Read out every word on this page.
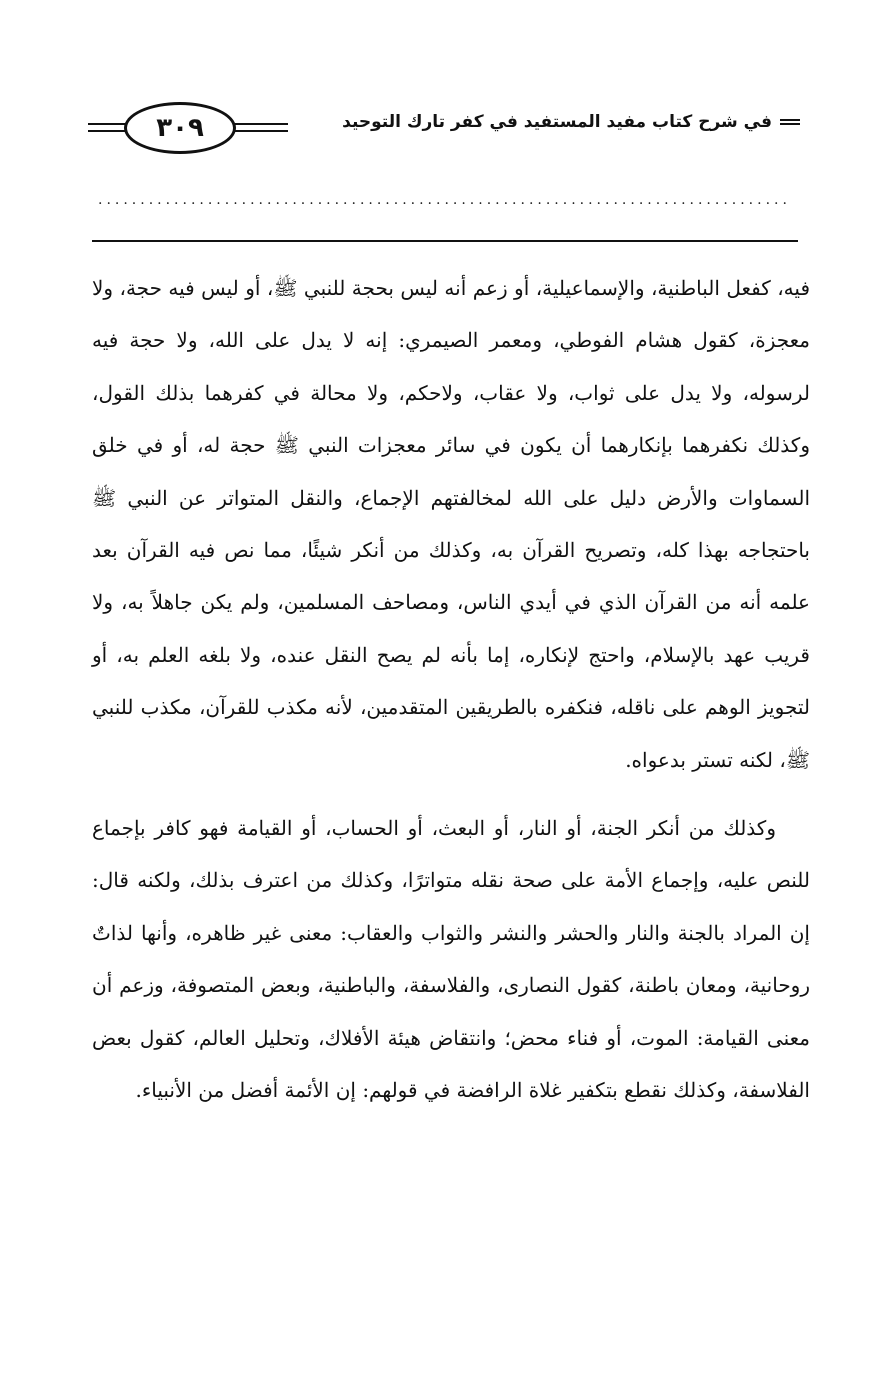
٣٠٩	في شرح كتاب مفيد المستفيد في كفر تارك التوحيد
..................................................................................

فيه، كفعل الباطنية، والإسماعيلية، أو زعم أنه ليس بحجة للنبي ﷺ، أو ليس فيه حجة، ولا معجزة، كقول هشام الفوطي، ومعمر الصيمري: إنه لا يدل على الله، ولا حجة فيه لرسوله، ولا يدل على ثواب، ولا عقاب، ولاحكم، ولا محالة في كفرهما بذلك القول، وكذلك نكفرهما بإنكارهما أن يكون في سائر معجزات النبي ﷺ حجة له، أو في خلق السماوات والأرض دليل على الله لمخالفتهم الإجماع، والنقل المتواتر عن النبي ﷺ باحتجاجه بهذا كله، وتصريح القرآن به، وكذلك من أنكر شيئًا، مما نص فيه القرآن بعد علمه أنه من القرآن الذي في أيدي الناس، ومصاحف المسلمين، ولم يكن جاهلاً به، ولا قريب عهد بالإسلام، واحتج لإنكاره، إما بأنه لم يصح النقل عنده، ولا بلغه العلم به، أو لتجويز الوهم على ناقله، فنكفره بالطريقين المتقدمين، لأنه مكذب للقرآن، مكذب للنبي ﷺ، لكنه تستر بدعواه.

وكذلك من أنكر الجنة، أو النار، أو البعث، أو الحساب، أو القيامة فهو كافر بإجماع للنص عليه، وإجماع الأمة على صحة نقله متواترًا، وكذلك من اعترف بذلك، ولكنه قال: إن المراد بالجنة والنار والحشر والنشر والثواب والعقاب: معنى غير ظاهره، وأنها لذاتٌ روحانية، ومعان باطنة، كقول النصارى، والفلاسفة، والباطنية، وبعض المتصوفة، وزعم أن معنى القيامة: الموت، أو فناء محض؛ وانتقاض هيئة الأفلاك، وتحليل العالم، كقول بعض الفلاسفة، وكذلك نقطع بتكفير غلاة الرافضة في قولهم: إن الأئمة أفضل من الأنبياء.
